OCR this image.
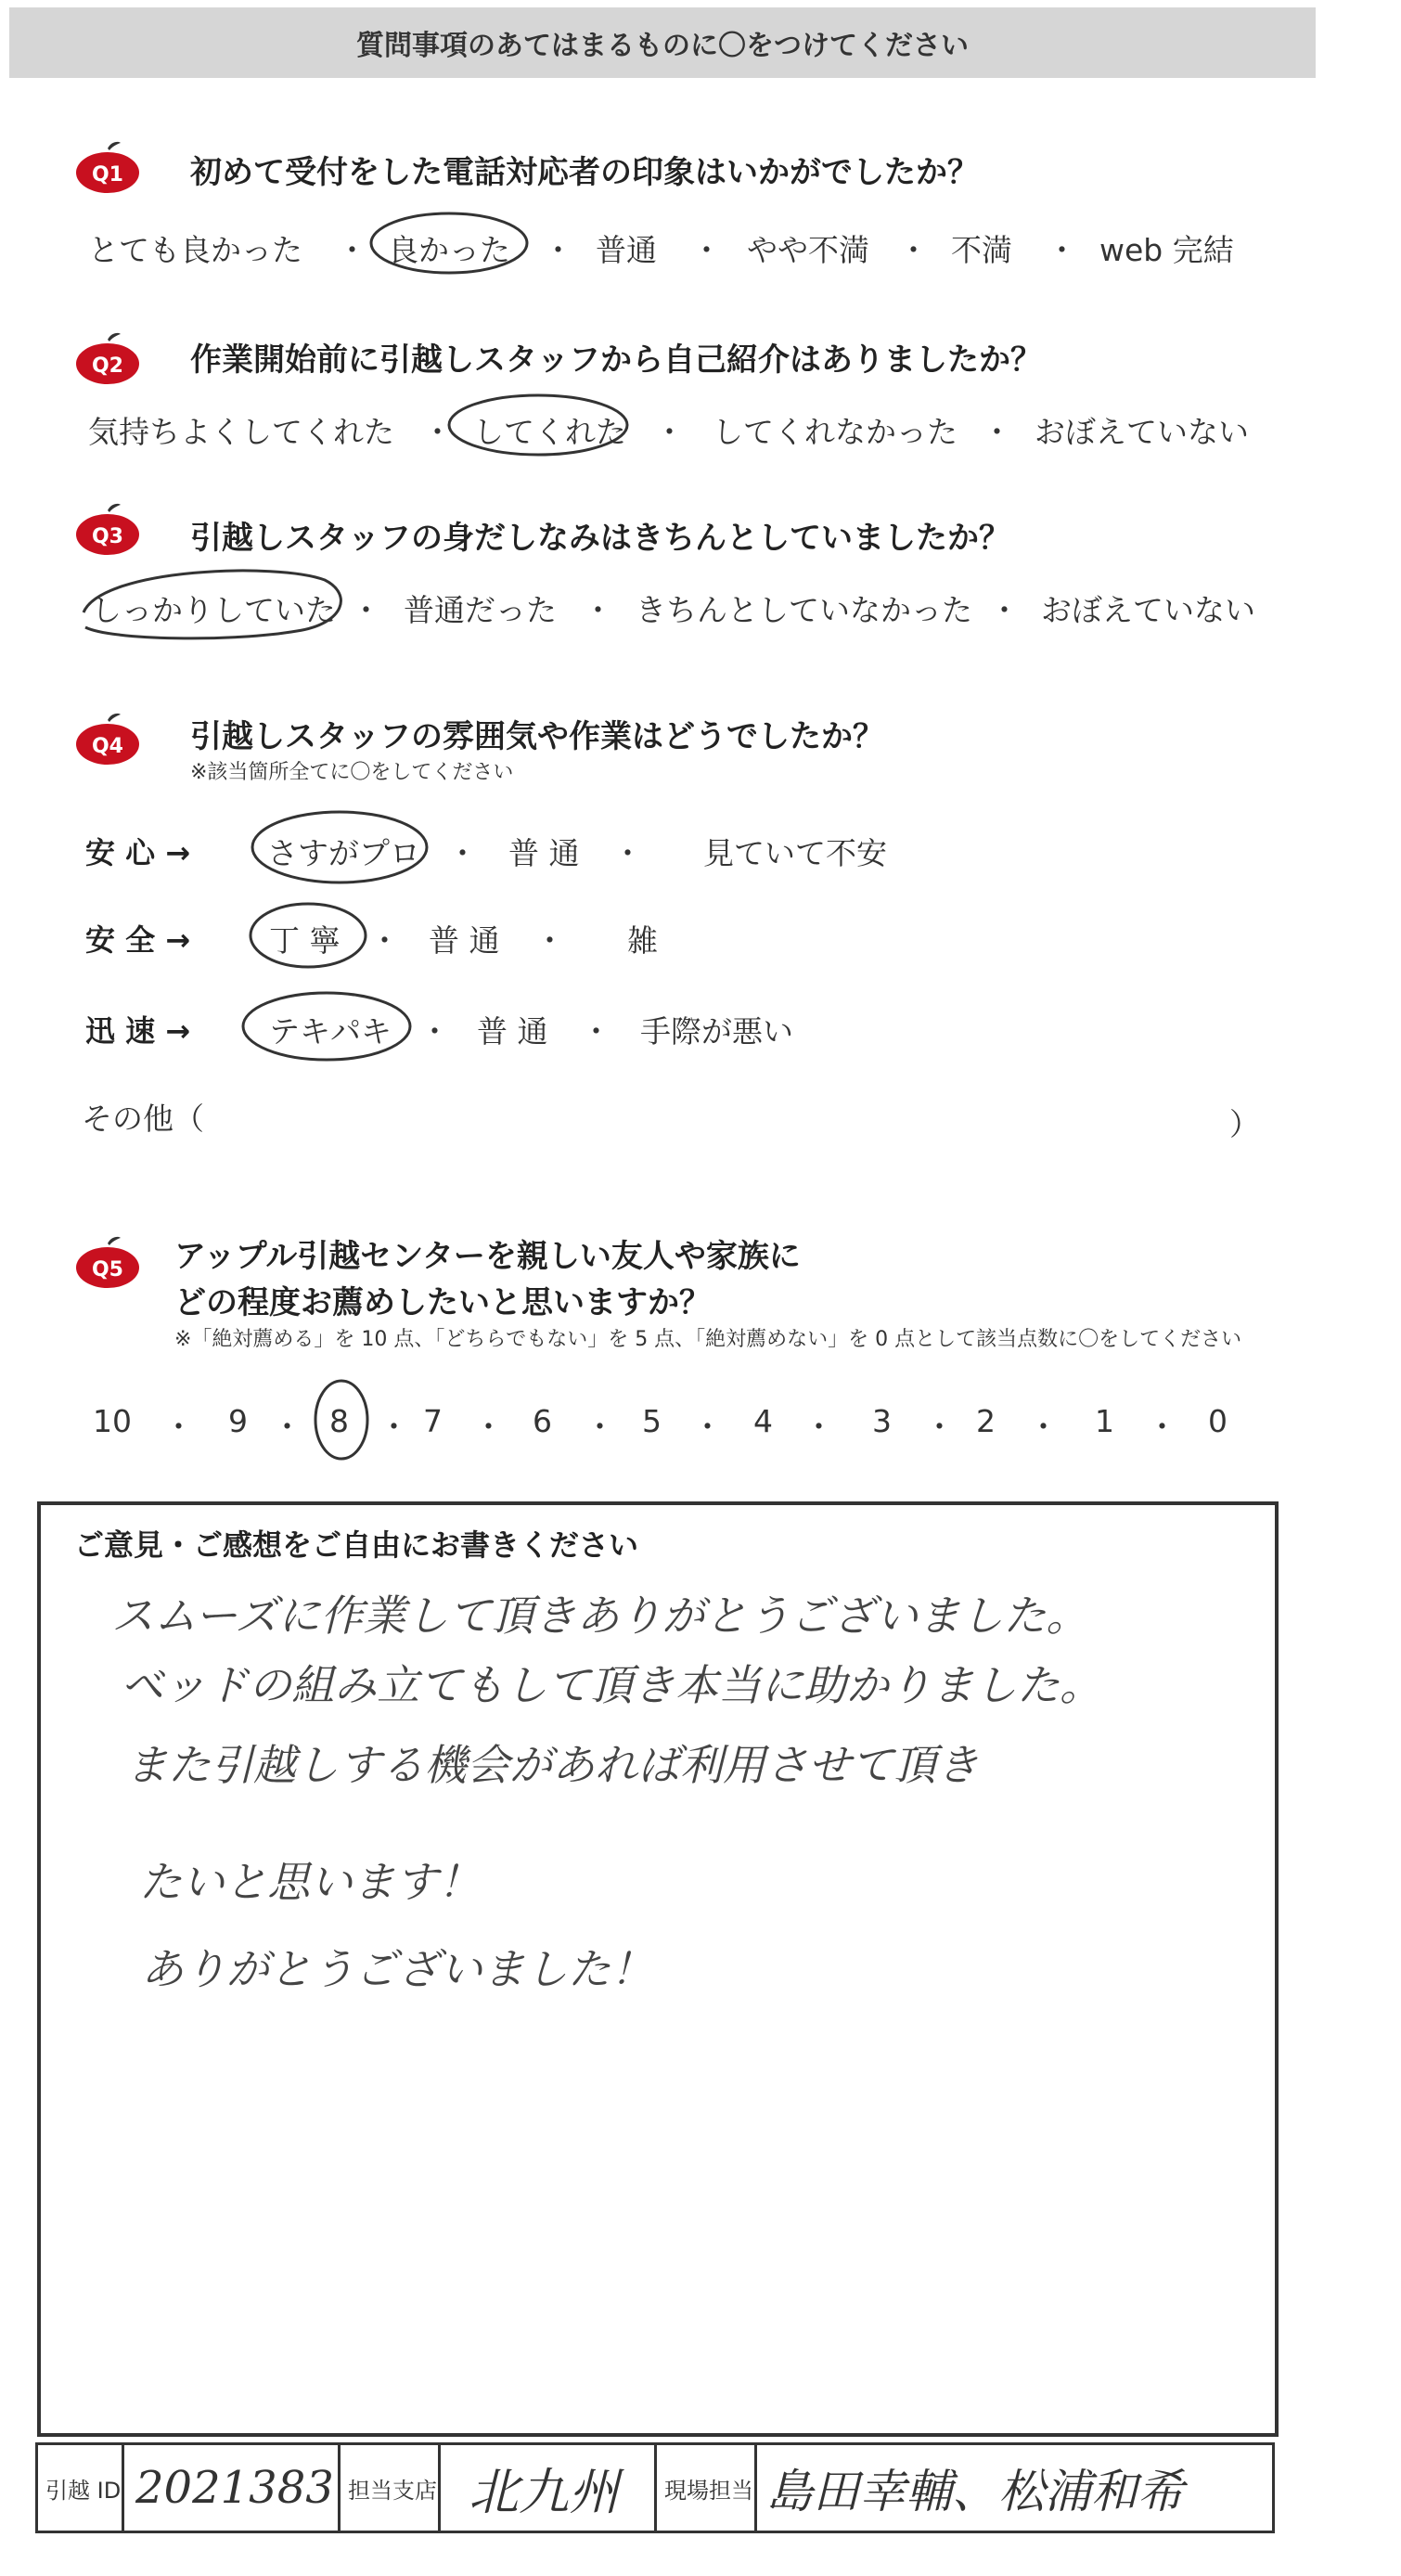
質問事項のあてはまるものに〇をつけてください
Q1	初めて受付をした電話対応者の印象はいかがでしたか？
とても良かった ・ 良かった ・ 普通 ・ やや不満 ・ 不満 ・ web 完結
Q2	作業開始前に引越しスタッフから自己紹介はありましたか？
気持ちよくしてくれた ・ してくれた ・ してくれなかった ・ おぼえていない
Q3	引越しスタッフの身だしなみはきちんとしていましたか？
しっかりしていた ・ 普通だった ・ きちんとしていなかった ・ おぼえていない
Q4	引越しスタッフの雰囲気や作業はどうでしたか？
※該当箇所全てに〇をしてください
安 心 →	さすがプロ ・ 普 通 ・ 見ていて不安
安 全 →	丁 寧 ・ 普 通 ・ 雑
迅 速 →	テキパキ ・ 普 通 ・ 手際が悪い
その他（	）
Q5	アップル引越センターを親しい友人や家族に
どの程度お薦めしたいと思いますか？
※「絶対薦める」を 10 点、「どちらでもない」を 5 点、「絶対薦めない」を 0 点として該当点数に〇をしてください
10 ・ 9 ・ 8 ・ 7 ・ 6 ・ 5 ・ 4 ・ 3 ・ 2 ・ 1 ・ 0
ご意見・ご感想をご自由にお書きください
スムーズに作業して頂きありがとうございました。
ベッドの組み立てもして頂き本当に助かりました。
また引越しする機会があれば利用させて頂き
たいと思います！
ありがとうございました！
引越 ID 2021383 担当支店 北九州	現場担当 島田幸輔、松浦和希
